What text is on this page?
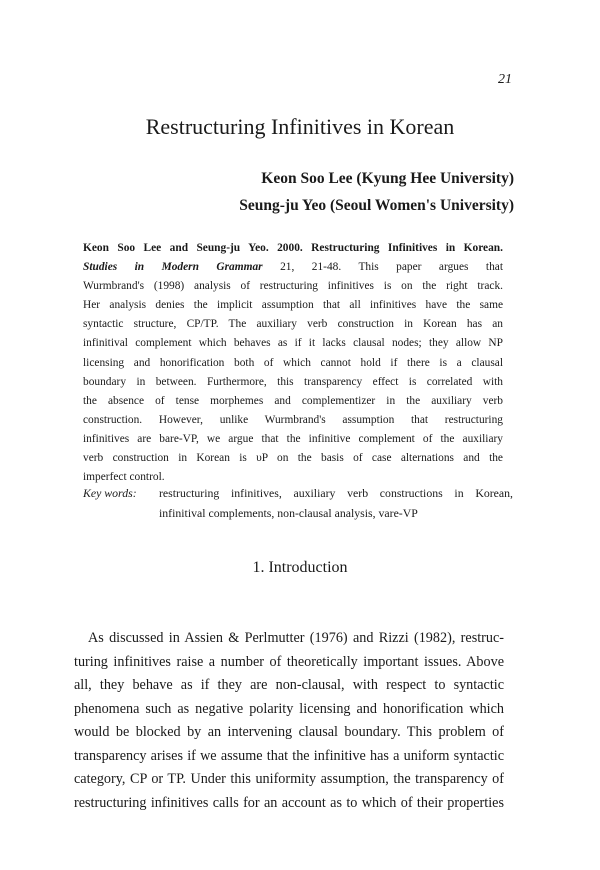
21
Restructuring Infinitives in Korean
Keon Soo Lee (Kyung Hee University)
Seung-ju Yeo (Seoul Women's University)
Keon Soo Lee and Seung-ju Yeo. 2000. Restructuring Infinitives in Korean.
Studies in Modern Grammar 21, 21-48. This paper argues that
Wurmbrand's (1998) analysis of restructuring infinitives is on the right track.
Her analysis denies the implicit assumption that all infinitives have the same
syntactic structure, CP/TP. The auxiliary verb construction in Korean has an
infinitival complement which behaves as if it lacks clausal nodes; they allow NP
licensing and honorification both of which cannot hold if there is a clausal
boundary in between. Furthermore, this transparency effect is correlated with
the absence of tense morphemes and complementizer in the auxiliary verb
construction. However, unlike Wurmbrand's assumption that restructuring
infinitives are bare-VP, we argue that the infinitive complement of the auxiliary
verb construction in Korean is υP on the basis of case alternations and the
imperfect control.
Key words:	restructuring infinitives, auxiliary verb constructions in Korean,
infinitival complements, non-clausal analysis, vare-VP
1. Introduction
As discussed in Assien & Perlmutter (1976) and Rizzi (1982), restruc-
turing infinitives raise a number of theoretically important issues. Above
all, they behave as if they are non-clausal, with respect to syntactic
phenomena such as negative polarity licensing and honorification which
would be blocked by an intervening clausal boundary. This problem of
transparency arises if we assume that the infinitive has a uniform syntactic
category, CP or TP. Under this uniformity assumption, the transparency of
restructuring infinitives calls for an account as to which of their properties
